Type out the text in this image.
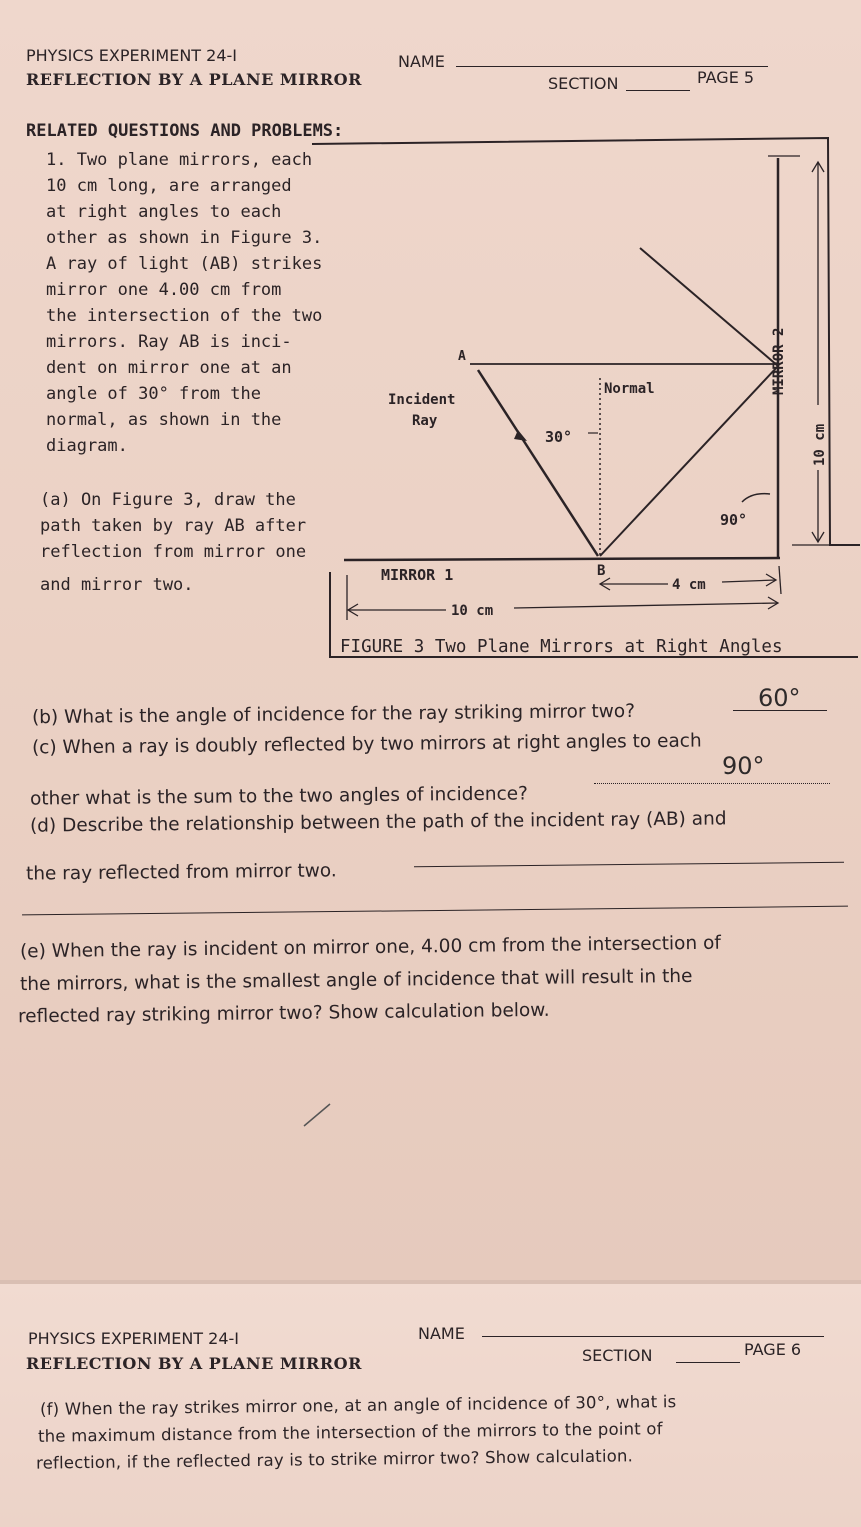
PHYSICS EXPERIMENT 24-I
REFLECTION BY A PLANE MIRROR
NAME
SECTION	PAGE 5
RELATED QUESTIONS AND PROBLEMS:
1. Two plane mirrors, each
10 cm long, are arranged
at right angles to each
other as shown in Figure 3.
A ray of light (AB) strikes
mirror one 4.00 cm from
the intersection of the two
mirrors. Ray AB is inci-
dent on mirror one at an
angle of 30° from the
normal, as shown in the
diagram.
(a) On Figure 3, draw the
path taken by ray AB after
reflection from mirror one
and mirror two.
A
Incident
Ray
Normal
30°
90°
MIRROR 1	B
MIRROR 2
4 cm
10 cm
10 cm
FIGURE 3 Two Plane Mirrors at Right Angles
(b) What is the angle of incidence for the ray striking mirror two?
60°
(c) When a ray is doubly reflected by two mirrors at right angles to each
other what is the sum to the two angles of incidence?
90°
(d) Describe the relationship between the path of the incident ray (AB) and
the ray reflected from mirror two.
(e) When the ray is incident on mirror one, 4.00 cm from the intersection of
the mirrors, what is the smallest angle of incidence that will result in the
reflected ray striking mirror two? Show calculation below.
PHYSICS EXPERIMENT 24-I
REFLECTION BY A PLANE MIRROR
NAME
SECTION	PAGE 6
(f) When the ray strikes mirror one, at an angle of incidence of 30°, what is
the maximum distance from the intersection of the mirrors to the point of
reflection, if the reflected ray is to strike mirror two? Show calculation.
